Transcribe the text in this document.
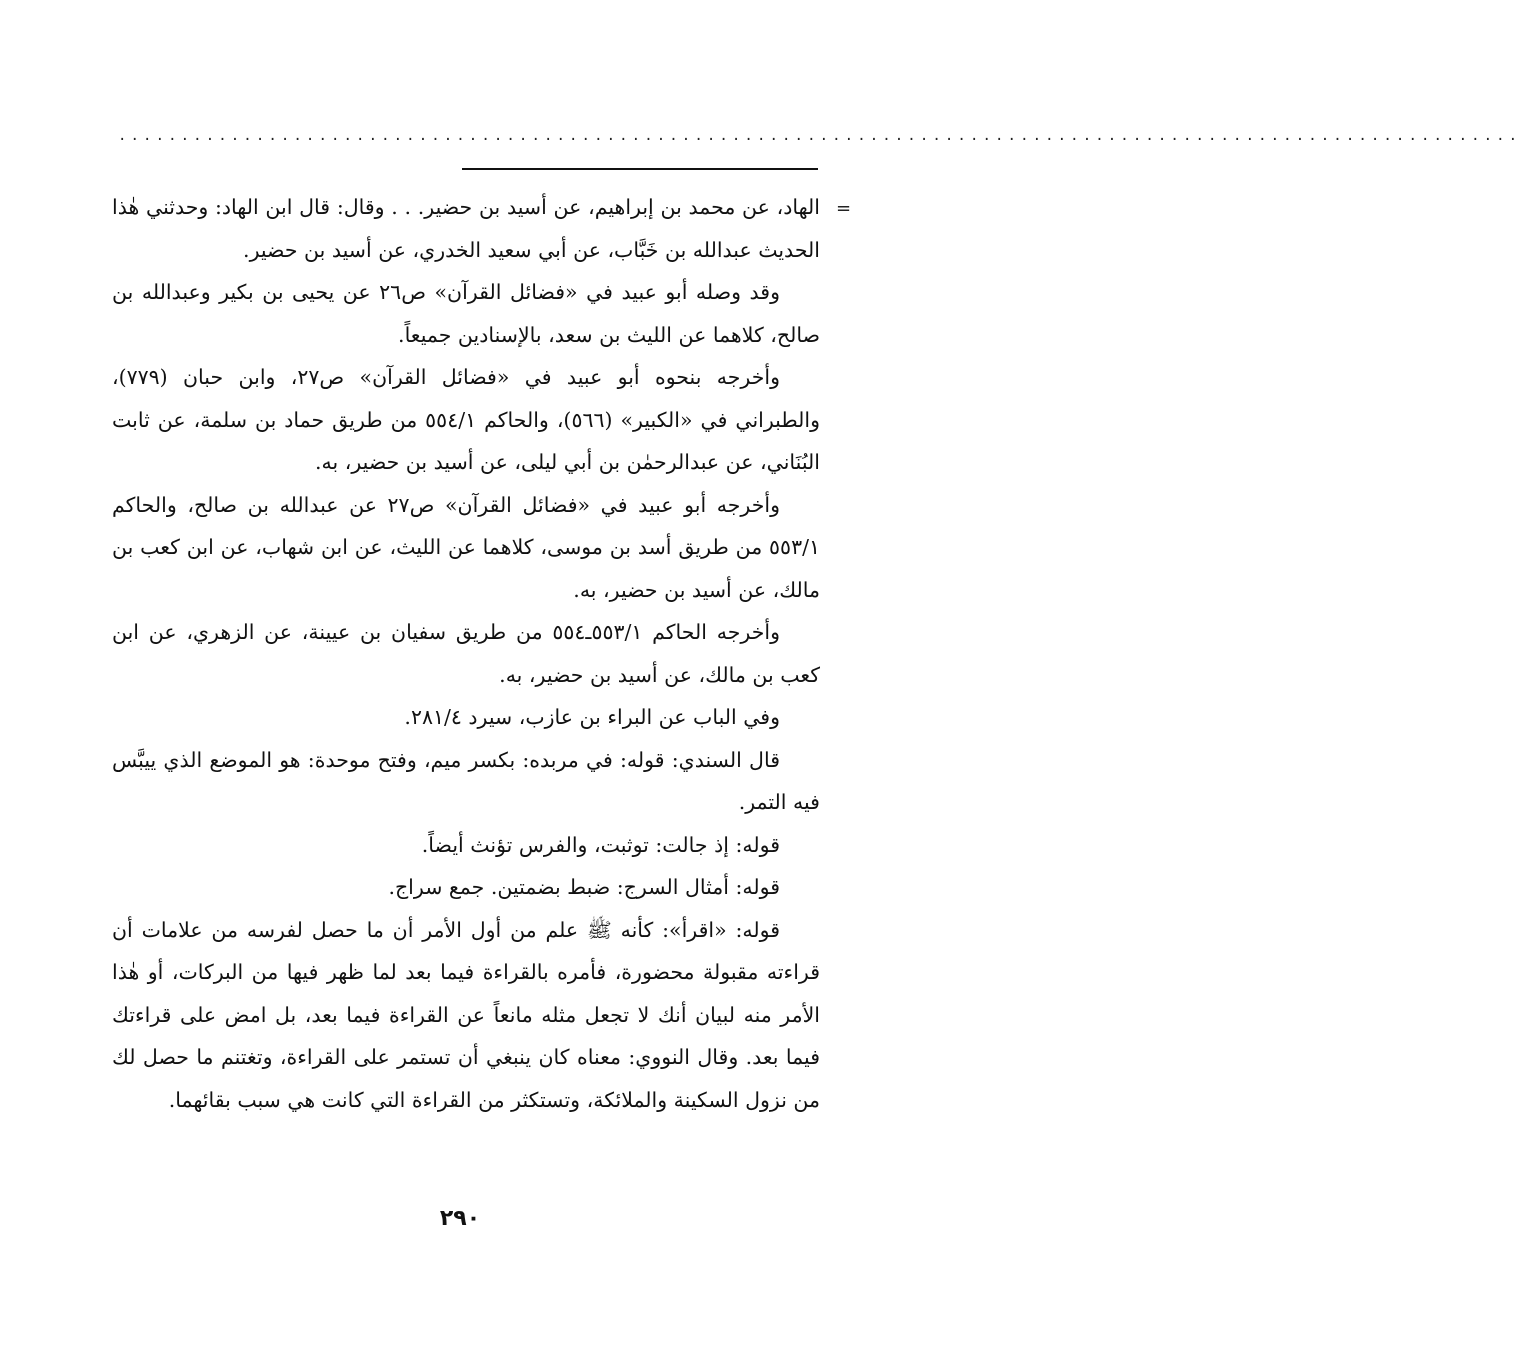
................................................................................................................
=

الهاد، عن محمد بن إبراهيم، عن أسيد بن حضير. . . وقال: قال ابن الهاد: وحدثني هٰذا الحديث عبدالله بن خَبَّاب، عن أبي سعيد الخدري، عن أسيد بن حضير.

وقد وصله أبو عبيد في «فضائل القرآن» ص٢٦ عن يحيى بن بكير وعبدالله بن صالح، كلاهما عن الليث بن سعد، بالإسنادين جميعاً.

وأخرجه بنحوه أبو عبيد في «فضائل القرآن» ص٢٧، وابن حبان (٧٧٩)، والطبراني في «الكبير» (٥٦٦)، والحاكم ٥٥٤/١ من طريق حماد بن سلمة، عن ثابت البُنَاني، عن عبدالرحمٰن بن أبي ليلى، عن أسيد بن حضير، به.

وأخرجه أبو عبيد في «فضائل القرآن» ص٢٧ عن عبدالله بن صالح، والحاكم ٥٥٣/١ من طريق أسد بن موسى، كلاهما عن الليث، عن ابن شهاب، عن ابن كعب بن مالك، عن أسيد بن حضير، به.

وأخرجه الحاكم ٥٥٣/١ـ٥٥٤ من طريق سفيان بن عيينة، عن الزهري، عن ابن كعب بن مالك، عن أسيد بن حضير، به.

وفي الباب عن البراء بن عازب، سيرد ٢٨١/٤.

قال السندي: قوله: في مربده: بكسر ميم، وفتح موحدة: هو الموضع الذي ييبَّس فيه التمر.

قوله: إذ جالت: توثبت، والفرس تؤنث أيضاً.

قوله: أمثال السرج: ضبط بضمتين. جمع سراج.

قوله: «اقرأ»: كأنه ﷺ علم من أول الأمر أن ما حصل لفرسه من علامات أن قراءته مقبولة محضورة، فأمره بالقراءة فيما بعد لما ظهر فيها من البركات، أو هٰذا الأمر منه لبيان أنك لا تجعل مثله مانعاً عن القراءة فيما بعد، بل امض على قراءتك فيما بعد. وقال النووي: معناه كان ينبغي أن تستمر على القراءة، وتغتنم ما حصل لك من نزول السكينة والملائكة، وتستكثر من القراءة التي كانت هي سبب بقائهما.

٢٩٠
